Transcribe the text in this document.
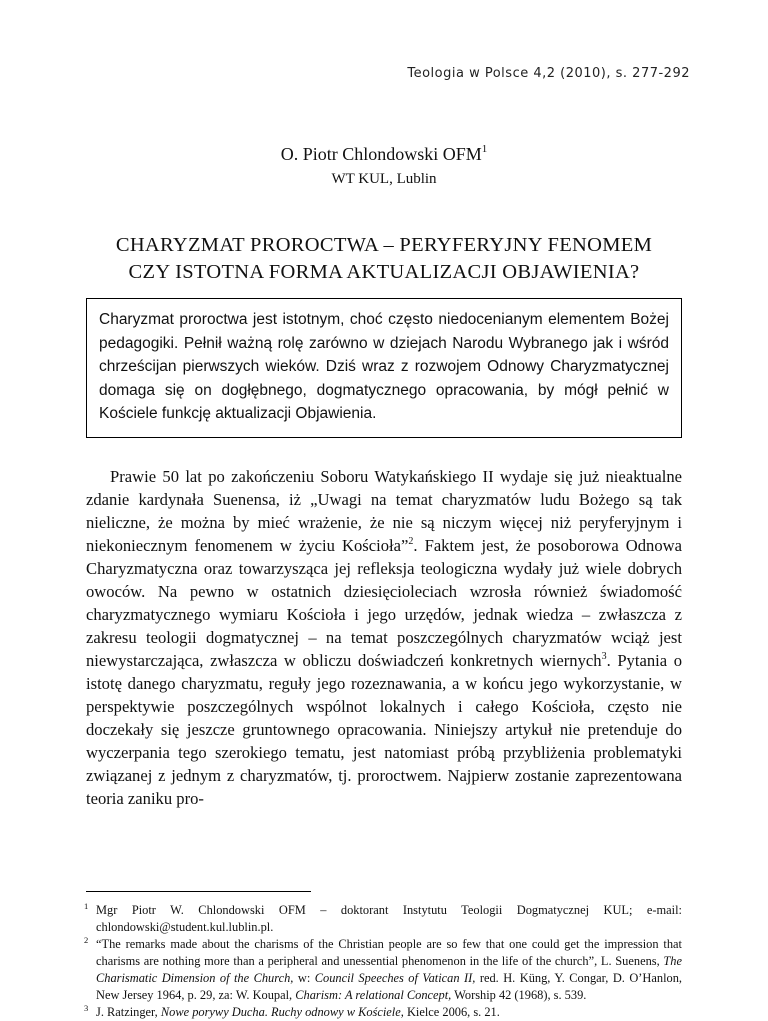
Teologia w Polsce 4,2 (2010), s. 277-292
O. Piotr Chlondowski OFM$^1$
WT KUL, Lublin
CHARYZMAT PROROCTWA – PERYFERYJNY FENOMEM
CZY ISTOTNA FORMA AKTUALIZACJI OBJAWIENIA?
Charyzmat proroctwa jest istotnym, choć często niedocenianym elementem Bożej pedagogiki. Pełnił ważną rolę zarówno w dziejach Narodu Wybranego jak i wśród chrześcijan pierwszych wieków. Dziś wraz z rozwojem Odnowy Charyzmatycznej domaga się on dogłębnego, dogmatycznego opracowania, by mógł pełnić w Kościele funkcję aktualizacji Objawienia.

Prawie 50 lat po zakończeniu Soboru Watykańskiego II wydaje się już nieaktualne zdanie kardynała Suenensa, iż „Uwagi na temat charyzmatów ludu Bożego są tak nieliczne, że można by mieć wrażenie, że nie są niczym więcej niż peryferyjnym i niekoniecznym fenomenem w życiu Kościoła”$^2$. Faktem jest, że posoborowa Odnowa Charyzmatyczna oraz towarzysząca jej refleksja teologiczna wydały już wiele dobrych owoców. Na pewno w ostatnich dziesięcioleciach wzrosła również świadomość charyzmatycznego wymiaru Kościoła i jego urzędów, jednak wiedza – zwłaszcza z zakresu teologii dogmatycznej – na temat poszczególnych charyzmatów wciąż jest niewystarczająca, zwłaszcza w obliczu doświadczeń konkretnych wiernych$^3$. Pytania o istotę danego charyzmatu, reguły jego rozeznawania, a w końcu jego wykorzystanie, w perspektywie poszczególnych wspólnot lokalnych i całego Kościoła, często nie doczekały się jeszcze gruntownego opracowania. Niniejszy artykuł nie pretenduje do wyczerpania tego szerokiego tematu, jest natomiast próbą przybliżenia problematyki związanej z jednym z charyzmatów, tj. proroctwem. Najpierw zostanie zaprezentowana teoria zaniku pro-

1 Mgr Piotr W. Chlondowski OFM – doktorant Instytutu Teologii Dogmatycznej KUL; e-mail: chlondowski@student.kul.lublin.pl.

2 “The remarks made about the charisms of the Christian people are so few that one could get the impression that charisms are nothing more than a peripheral and unessential phenomenon in the life of the church”, L. Suenens, The Charismatic Dimension of the Church, w: Council Speeches of Vatican II, red. H. Küng, Y. Congar, D. O’Hanlon, New Jersey 1964, p. 29, za: W. Koupal, Charism: A relational Concept, Worship 42 (1968), s. 539.

3 J. Ratzinger, Nowe porywy Ducha. Ruchy odnowy w Kościele, Kielce 2006, s. 21.
